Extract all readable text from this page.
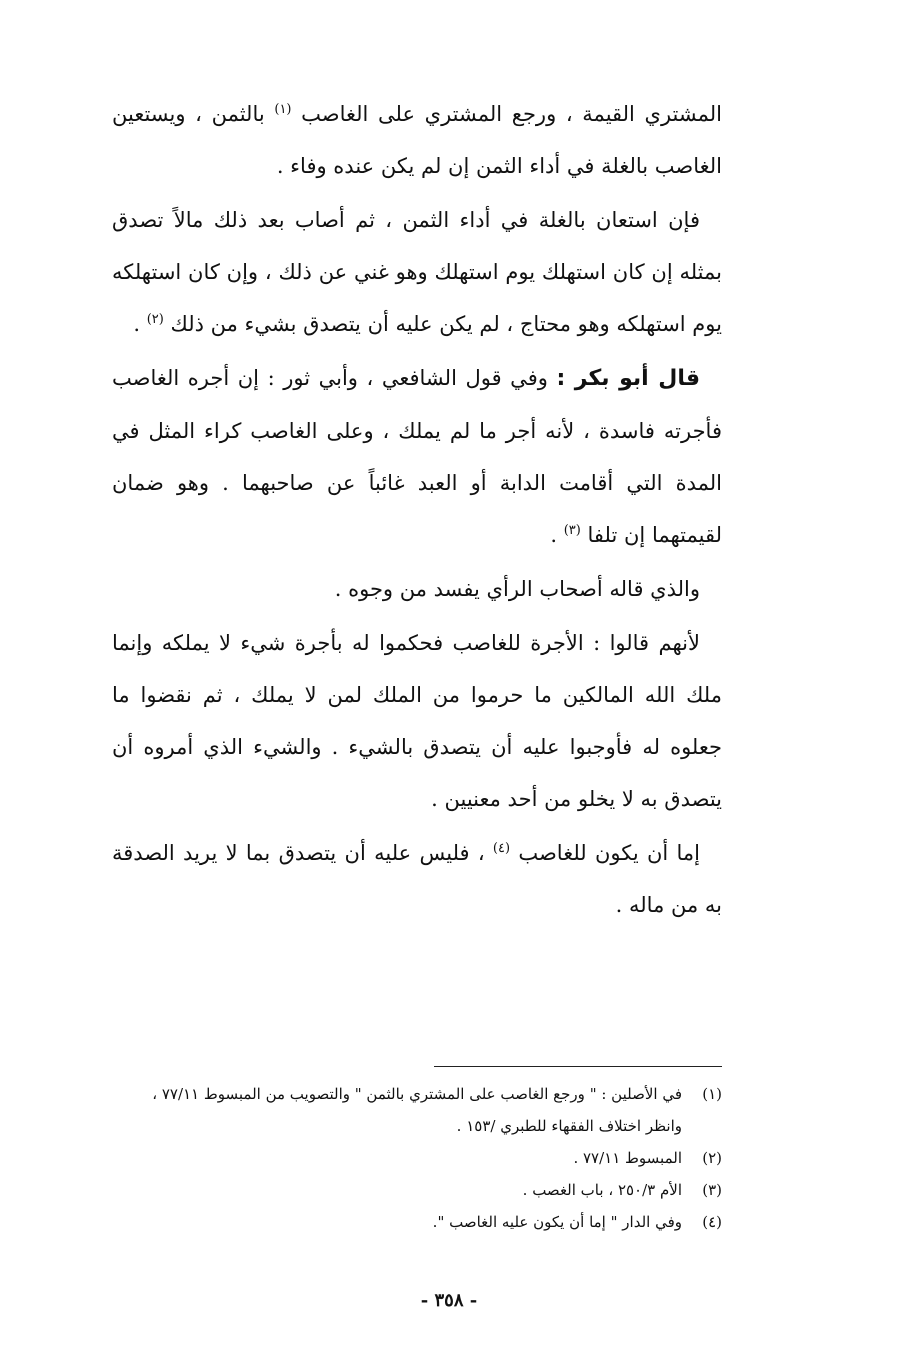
المشتري القيمة ، ورجع المشتري على الغاصب $^{(١)}$ بالثمن ، ويستعين الغاصب بالغلة في أداء الثمن إن لم يكن عنده وفاء .

فإن استعان بالغلة في أداء الثمن ، ثم أصاب بعد ذلك مالاً تصدق بمثله إن كان استهلك يوم استهلك وهو غني عن ذلك ، وإن كان استهلكه يوم استهلكه وهو محتاج ، لم يكن عليه أن يتصدق بشيء من ذلك $^{(٢)}$ .

قال أبو بكر : وفي قول الشافعي ، وأبي ثور : إن أجره الغاصب فأجرته فاسدة ، لأنه أجر ما لم يملك ، وعلى الغاصب كراء المثل في المدة التي أقامت الدابة أو العبد غائباً عن صاحبهما . وهو ضمان لقيمتهما إن تلفا $^{(٣)}$ .

والذي قاله أصحاب الرأي يفسد من وجوه .

لأنهم قالوا : الأجرة للغاصب فحكموا له بأجرة شيء لا يملكه وإنما ملك الله المالكين ما حرموا من الملك لمن لا يملك ، ثم نقضوا ما جعلوه له فأوجبوا عليه أن يتصدق بالشيء . والشيء الذي أمروه أن يتصدق به لا يخلو من أحد معنيين .

إما أن يكون للغاصب $^{(٤)}$ ، فليس عليه أن يتصدق بما لا يريد الصدقة به من ماله .

(١)
في الأصلين : " ورجع الغاصب على المشتري بالثمن " والتصويب من المبسوط ٧٧/١١ ، وانظر اختلاف الفقهاء للطبري /١٥٣ .
(٢)
المبسوط ٧٧/١١ .
(٣)
الأم ٢٥٠/٣ ، باب الغصب .
(٤)
وفي الدار " إما أن يكون عليه الغاصب ".
- ٣٥٨ -
